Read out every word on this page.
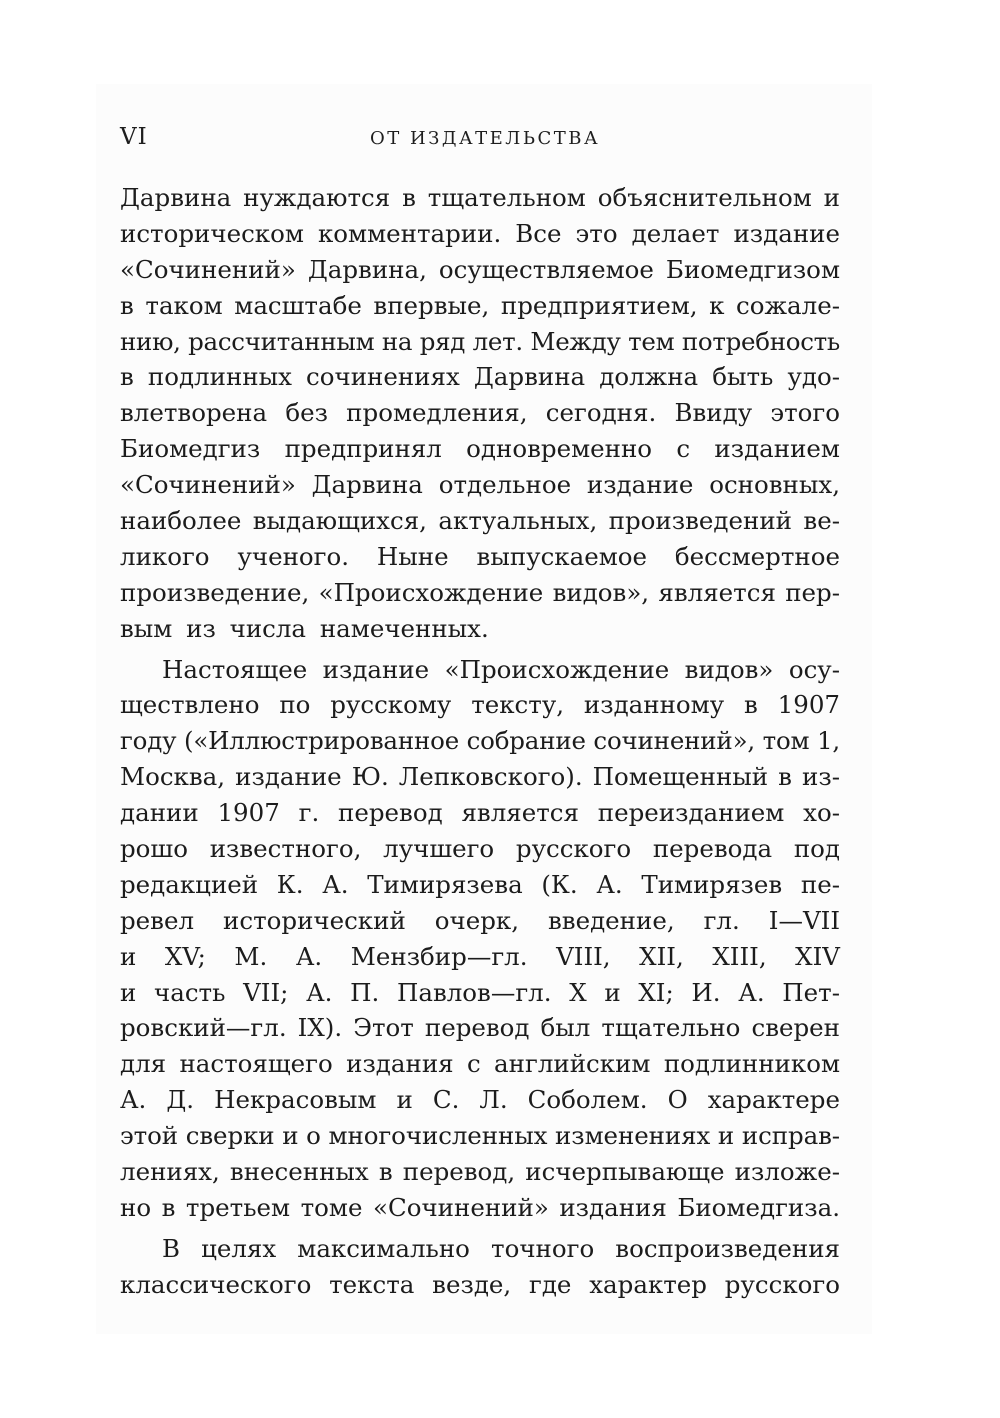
VI	ОТ ИЗДАТЕЛЬСТВА
Дарвина нуждаются в тщательном объяснительном и
историческом комментарии. Все это делает издание
«Сочинений» Дарвина, осуществляемое Биомедгизом
в таком масштабе впервые, предприятием, к сожале-
нию, рассчитанным на ряд лет. Между тем потребность
в подлинных сочинениях Дарвина должна быть удо-
влетворена без промедления, сегодня. Ввиду этого
Биомедгиз предпринял одновременно с изданием
«Сочинений» Дарвина отдельное издание основных,
наиболее выдающихся, актуальных, произведений ве-
ликого ученого. Ныне выпускаемое бессмертное
произведение, «Происхождение видов», является пер-
вым из числа намеченных.
Настоящее издание «Происхождение видов» осу-
ществлено по русскому тексту, изданному в 1907
году («Иллюстрированное собрание сочинений», том 1,
Москва, издание Ю. Лепковского). Помещенный в из-
дании 1907 г. перевод является переизданием хо-
рошо известного, лучшего русского перевода под
редакцией К. А. Тимирязева (К. А. Тимирязев пе-
ревел исторический очерк, введение, гл. I—VII
и XV; М. А. Мензбир—гл. VIII, XII, XIII, XIV
и часть VII; А. П. Павлов—гл. X и XI; И. А. Пет-
ровский—гл. IX). Этот перевод был тщательно сверен
для настоящего издания с английским подлинником
А. Д. Некрасовым и С. Л. Соболем. О характере
этой сверки и о многочисленных изменениях и исправ-
лениях, внесенных в перевод, исчерпывающе изложе-
но в третьем томе «Сочинений» издания Биомедгиза.
В целях максимально точного воспроизведения
классического текста везде, где характер русского
